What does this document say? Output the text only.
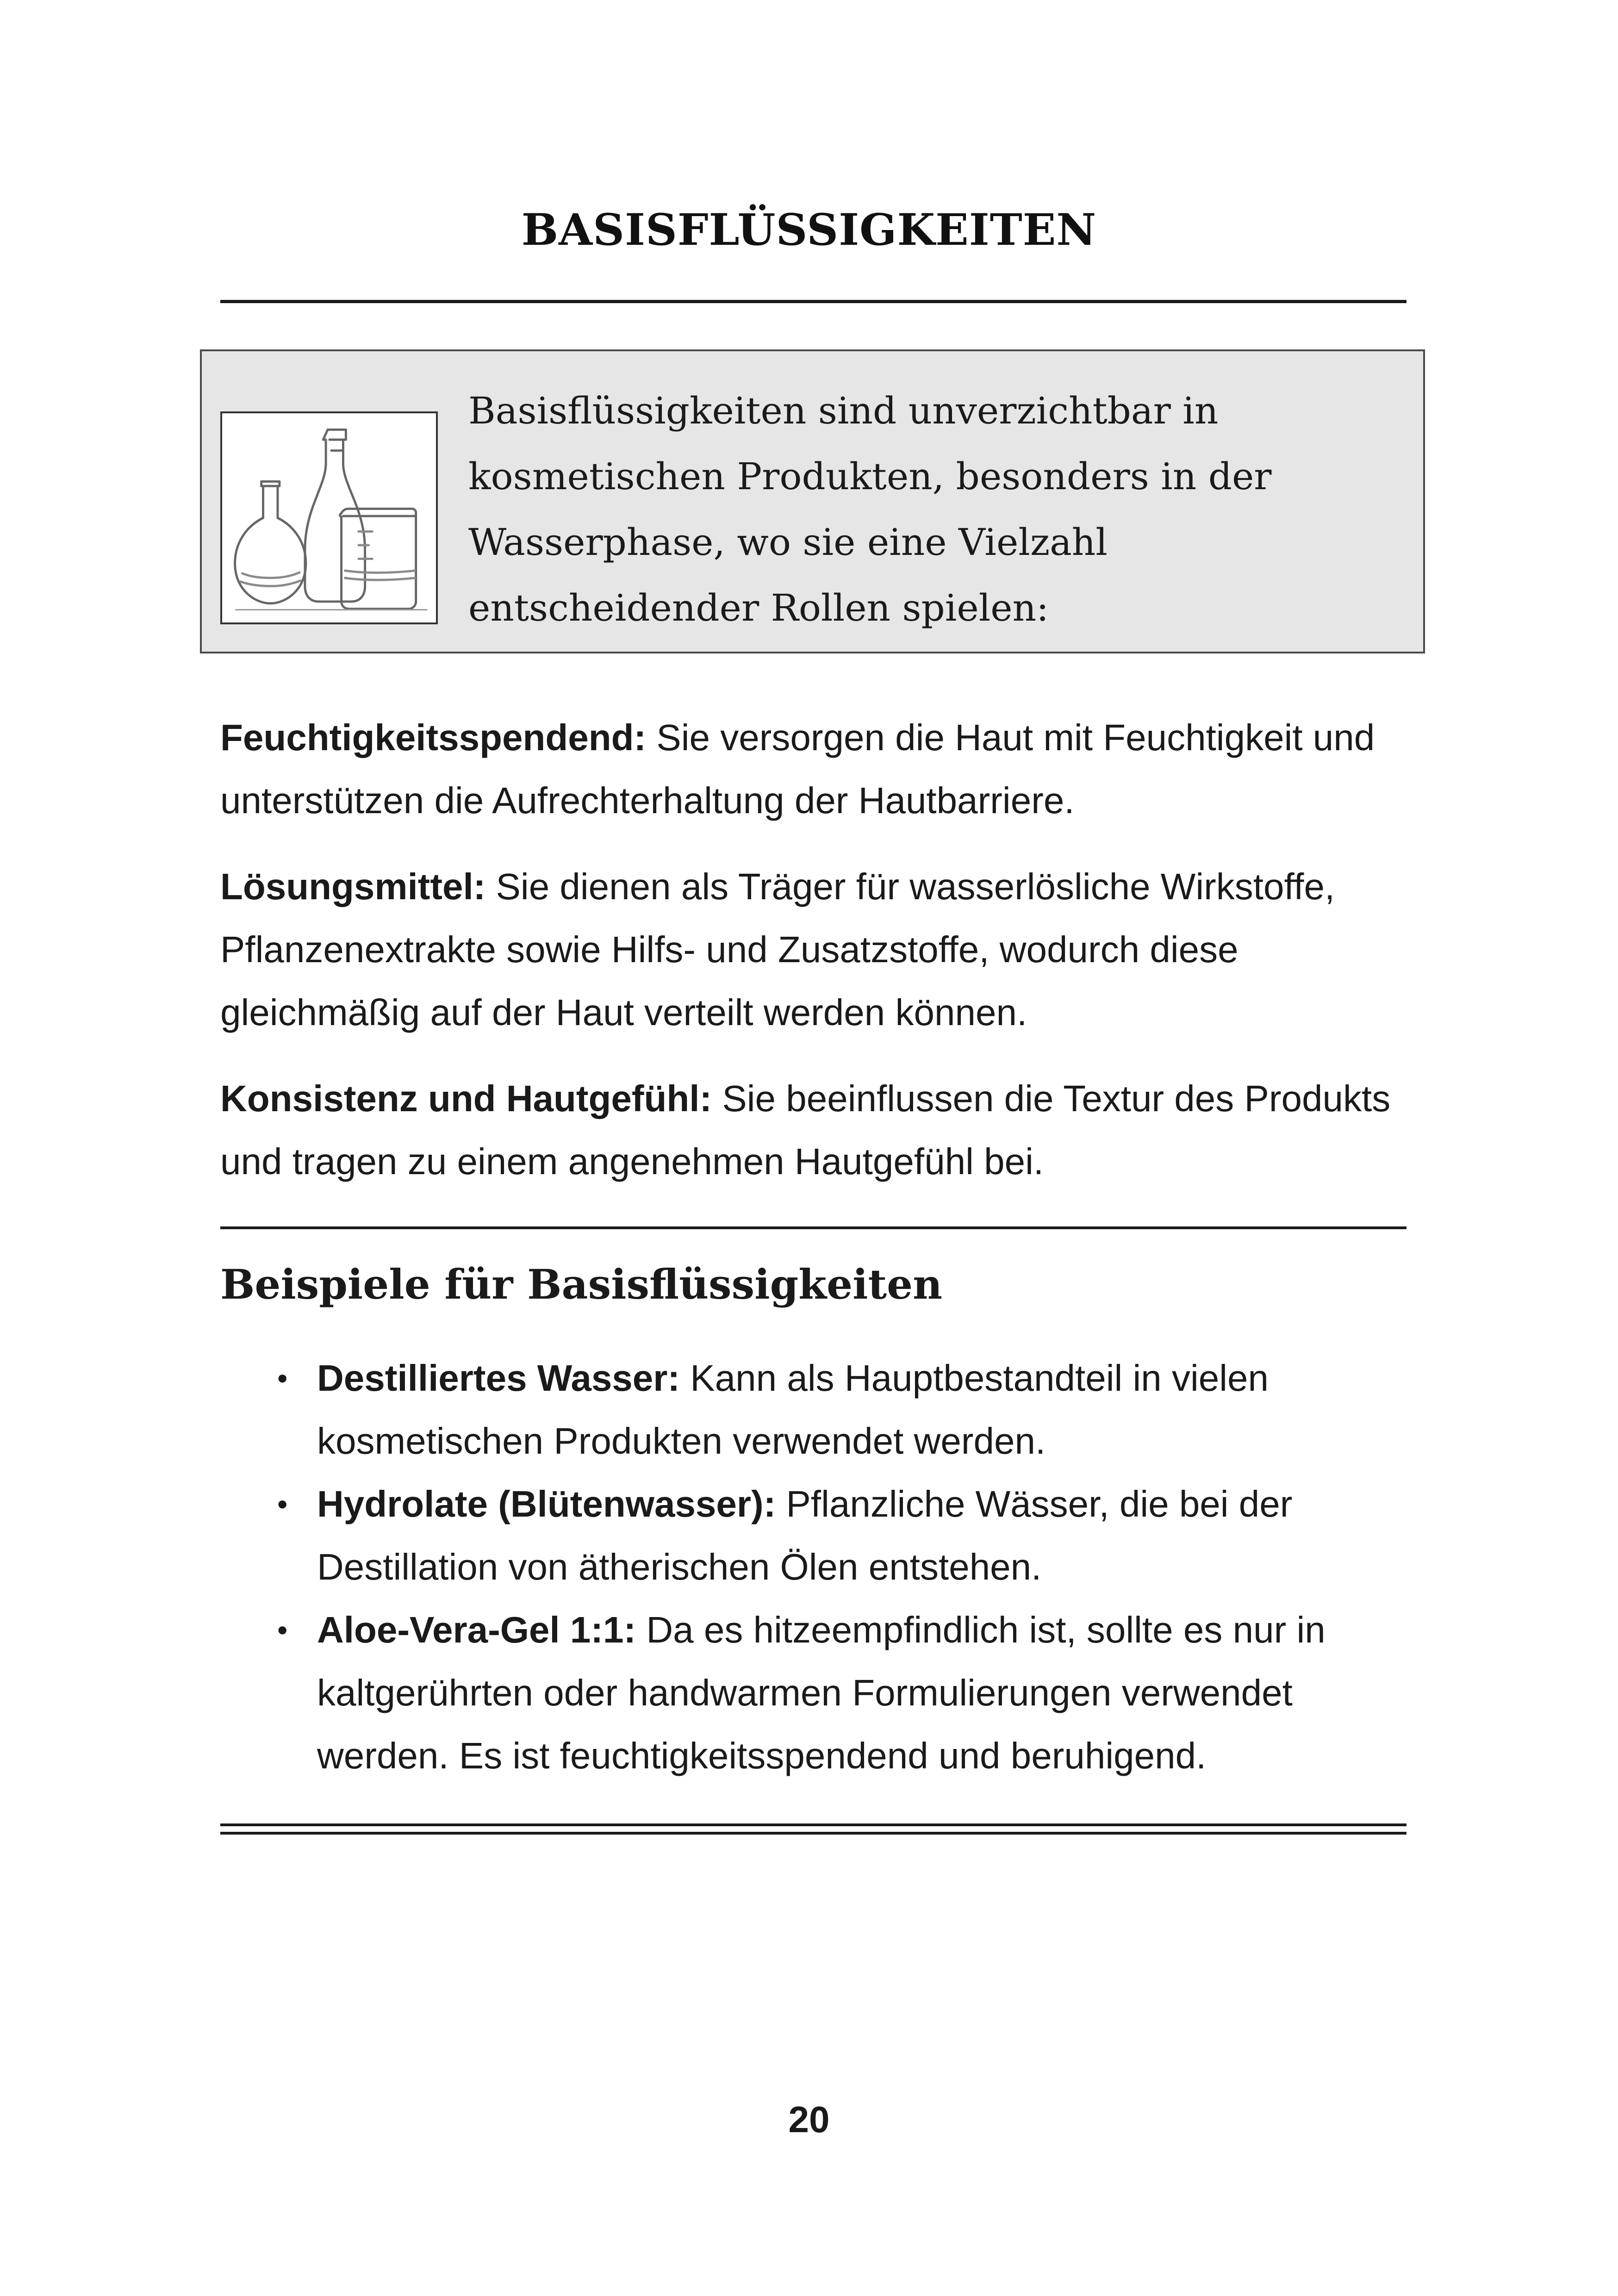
BASISFLÜSSIGKEITEN

Basisflüssigkeiten sind unverzichtbar in kosmetischen Produkten, besonders in der Wasserphase, wo sie eine Vielzahl entscheidender Rollen spielen:

Feuchtigkeitsspendend: Sie versorgen die Haut mit Feuchtigkeit und unterstützen die Aufrechterhaltung der Hautbarriere.

Lösungsmittel: Sie dienen als Träger für wasserlösliche Wirkstoffe, Pflanzenextrakte sowie Hilfs- und Zusatzstoffe, wodurch diese gleichmäßig auf der Haut verteilt werden können.

Konsistenz und Hautgefühl: Sie beeinflussen die Textur des Produkts und tragen zu einem angenehmen Hautgefühl bei.

Beispiele für Basisflüssigkeiten
• Destilliertes Wasser: Kann als Hauptbestandteil in vielen kosmetischen Produkten verwendet werden.
• Hydrolate (Blütenwasser): Pflanzliche Wässer, die bei der Destillation von ätherischen Ölen entstehen.
• Aloe-Vera-Gel 1:1: Da es hitzeempfindlich ist, sollte es nur in kaltgerührten oder handwarmen Formulierungen verwendet werden. Es ist feuchtigkeitsspendend und beruhigend.
20
